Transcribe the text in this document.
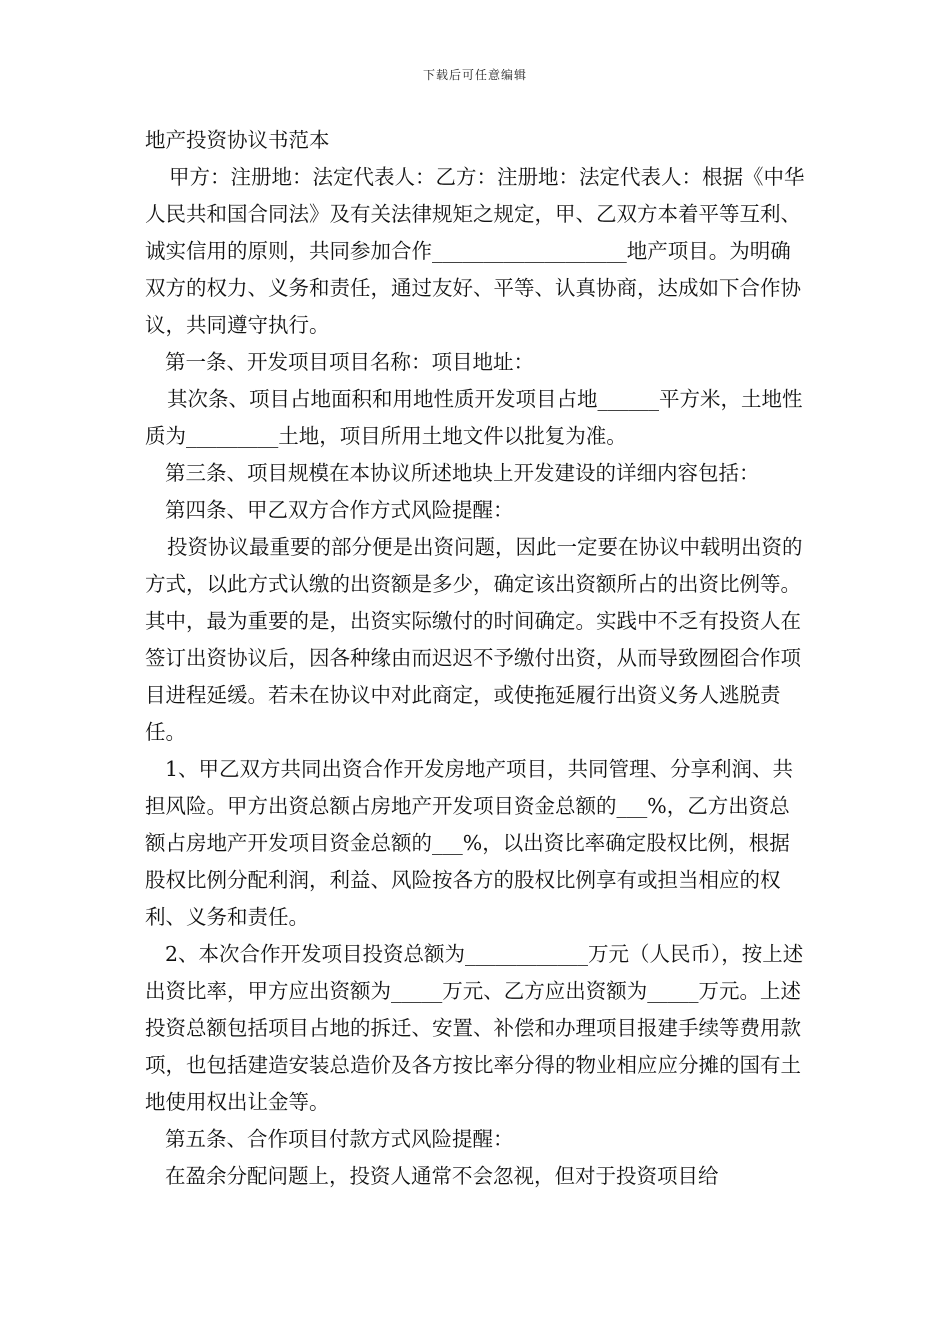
下载后可任意编辑

地产投资协议书范本

甲方：注册地：法定代表人：乙方：注册地：法定代表人：根据《中华人民共和国合同法》及有关法律规矩之规定，甲、乙双方本着平等互利、诚实信用的原则，共同参加合作___________________地产项目。为明确双方的权力、义务和责任，通过友好、平等、认真协商，达成如下合作协议，共同遵守执行。

第一条、开发项目项目名称：项目地址：

其次条、项目占地面积和用地性质开发项目占地______平方米，土地性质为_________土地，项目所用土地文件以批复为准。

第三条、项目规模在本协议所述地块上开发建设的详细内容包括：

第四条、甲乙双方合作方式风险提醒：

投资协议最重要的部分便是出资问题，因此一定要在协议中载明出资的方式，以此方式认缴的出资额是多少，确定该出资额所占的出资比例等。其中，最为重要的是，出资实际缴付的时间确定。实践中不乏有投资人在签订出资协议后，因各种缘由而迟迟不予缴付出资，从而导致囫囵合作项目进程延缓。若未在协议中对此商定，或使拖延履行出资义务人逃脱责任。

1、甲乙双方共同出资合作开发房地产项目，共同管理、分享利润、共担风险。甲方出资总额占房地产开发项目资金总额的___%，乙方出资总额占房地产开发项目资金总额的___%，以出资比率确定股权比例，根据股权比例分配利润，利益、风险按各方的股权比例享有或担当相应的权利、义务和责任。

2、本次合作开发项目投资总额为____________万元（人民币），按上述出资比率，甲方应出资额为_____万元、乙方应出资额为_____万元。上述投资总额包括项目占地的拆迁、安置、补偿和办理项目报建手续等费用款项，也包括建造安装总造价及各方按比率分得的物业相应应分摊的国有土地使用权出让金等。

第五条、合作项目付款方式风险提醒：

在盈余分配问题上，投资人通常不会忽视，但对于投资项目给
